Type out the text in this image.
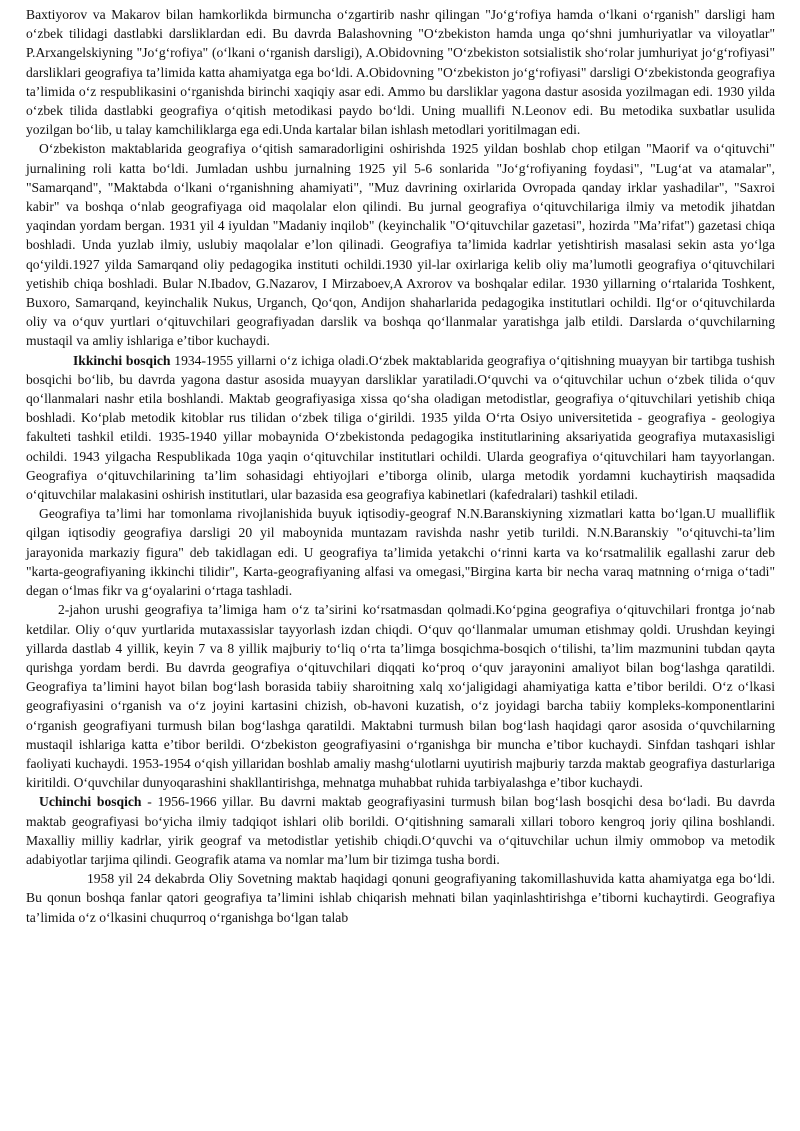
Baxtiyorov va Makarov bilan hamkorlikda birmuncha oʻzgartirib nashr qilingan "Joʻgʻrofiya hamda oʻlkani oʻrganish" darsligi ham oʻzbek tilidagi dastlabki darsliklardan edi. Bu davrda Balashovning "Oʻzbekiston hamda unga qoʻshni jumhuriyatlar va viloyatlar" P.Arxangelskiyning "Joʻgʻrofiya" (oʻlkani oʻrganish darsligi), A.Obidovning "Oʻzbekiston sotsialistik shoʻrolar jumhuriyat joʻgʻrofiyasi" darsliklari geografiya taʼlimida katta ahamiyatga ega boʻldi. A.Obidovning "Oʻzbekiston joʻgʻrofiyasi" darsligi Oʻzbekistonda geografiya taʼlimida oʻz respublikasini oʻrganishda birinchi xaqiqiy asar edi. Ammo bu darsliklar yagona dastur asosida yozilmagan edi. 1930 yilda oʻzbek tilida dastlabki geografiya oʻqitish metodikasi paydo boʻldi. Uning muallifi N.Leonov edi. Bu metodika suxbatlar usulida yozilgan boʻlib, u talay kamchiliklarga ega edi.Unda kartalar bilan ishlash metodlari yoritilmagan edi.

Oʻzbekiston maktablarida geografiya oʻqitish samaradorligini oshirishda 1925 yildan boshlab chop etilgan "Maorif va oʻqituvchi" jurnalining roli katta boʻldi. Jumladan ushbu jurnalning 1925 yil 5-6 sonlarida "Joʻgʻrofiyaning foydasi", "Lugʻat va atamalar", "Samarqand", "Maktabda oʻlkani oʻrganishning ahamiyati", "Muz davrining oxirlarida Ovropada qanday irklar yashadilar", "Saxroi kabir" va boshqa oʻnlab geografiyaga oid maqolalar elon qilindi. Bu jurnal geografiya oʻqituvchilariga ilmiy va metodik jihatdan yaqindan yordam bergan. 1931 yil 4 iyuldan "Madaniy inqilob" (keyinchalik "Oʻqituvchilar gazetasi", hozirda "Maʼrifat") gazetasi chiqa boshladi. Unda yuzlab ilmiy, uslubiy maqolalar eʼlon qilinadi. Geografiya taʼlimida kadrlar yetishtirish masalasi sekin asta yoʻlga qoʻyildi.1927 yilda Samarqand oliy pedagogika instituti ochildi.1930 yil-lar oxirlariga kelib oliy maʼlumotli geografiya oʻqituvchilari yetishib chiqa boshladi. Bular N.Ibadov, G.Nazarov, I Mirzaboev,A Axrorov va boshqalar edilar. 1930 yillarning oʻrtalarida Toshkent, Buxoro, Samarqand, keyinchalik Nukus, Urganch, Qoʻqon, Andijon shaharlarida pedagogika institutlari ochildi. Ilgʻor oʻqituvchilarda oliy va oʻquv yurtlari oʻqituvchilari geografiyadan darslik va boshqa qoʻllanmalar yaratishga jalb etildi. Darslarda oʻquvchilarning mustaqil va amliy ishlariga eʼtibor kuchaydi.

Ikkinchi bosqich 1934-1955 yillarni oʻz ichiga oladi.Oʻzbek maktablarida geografiya oʻqitishning muayyan bir tartibga tushish bosqichi boʻlib, bu davrda yagona dastur asosida muayyan darsliklar yaratiladi.Oʻquvchi va oʻqituvchilar uchun oʻzbek tilida oʻquv qoʻllanmalari nashr etila boshlandi. Maktab geografiyasiga xissa qoʻsha oladigan metodistlar, geografiya oʻqituvchilari yetishib chiqa boshladi. Koʻplab metodik kitoblar rus tilidan oʻzbek tiliga oʻgirildi. 1935 yilda Oʻrta Osiyo universitetida - geografiya - geologiya fakulteti tashkil etildi. 1935-1940 yillar mobaynida Oʻzbekistonda pedagogika institutlarining aksariyatida geografiya mutaxasisligi ochildi. 1943 yilgacha Respublikada 10ga yaqin oʻqituvchilar institutlari ochildi. Ularda geografiya oʻqituvchilari ham tayyorlangan. Geografiya oʻqituvchilarining taʼlim sohasidagi ehtiyojlari eʼtiborga olinib, ularga metodik yordamni kuchaytirish maqsadida oʻqituvchilar malakasini oshirish institutlari, ular bazasida esa geografiya kabinetlari (kafedralari) tashkil etiladi.

Geografiya taʼlimi har tomonlama rivojlanishida buyuk iqtisodiy-geograf N.N.Baranskiyning xizmatlari katta boʻlgan.U mualliflik qilgan iqtisodiy geografiya darsligi 20 yil maboynida muntazam ravishda nashr yetib turildi. N.N.Baranskiy "oʻqituvchi-taʼlim jarayonida markaziy figura" deb takidlagan edi. U geografiya taʼlimida yetakchi oʻrinni karta va koʻrsatmalilik egallashi zarur deb "karta-geografiyaning ikkinchi tilidir", Karta-geografiyaning alfasi va omegasi,"Birgina karta bir necha varaq matnning oʻrniga oʻtadi" degan oʻlmas fikr va gʻoyalarini oʻrtaga tashladi.

2-jahon urushi geografiya taʼlimiga ham oʻz taʼsirini koʻrsatmasdan qolmadi.Koʻpgina geografiya oʻqituvchilari frontga joʻnab ketdilar. Oliy oʻquv yurtlarida mutaxassislar tayyorlash izdan chiqdi. Oʻquv qoʻllanmalar umuman etishmay qoldi. Urushdan keyingi yillarda dastlab 4 yillik, keyin 7 va 8 yillik majburiy toʻliq oʻrta taʼlimga bosqichma-bosqich oʻtilishi, taʼlim mazmunini tubdan qayta qurishga yordam berdi. Bu davrda geografiya oʻqituvchilari diqqati koʻproq oʻquv jarayonini amaliyot bilan bogʻlashga qaratildi. Geografiya taʼlimini hayot bilan bogʻlash borasida tabiiy sharoitning xalq xoʻjaligidagi ahamiyatiga katta eʼtibor berildi. Oʻz oʻlkasi geografiyasini oʻrganish va oʻz joyini kartasini chizish, ob-havoni kuzatish, oʻz joyidagi barcha tabiiy kompleks-komponentlarini oʻrganish geografiyani turmush bilan bogʻlashga qaratildi. Maktabni turmush bilan bogʻlash haqidagi qaror asosida oʻquvchilarning mustaqil ishlariga katta eʼtibor berildi. Oʻzbekiston geografiyasini oʻrganishga bir muncha eʼtibor kuchaydi. Sinfdan tashqari ishlar faoliyati kuchaydi. 1953-1954 oʻqish yillaridan boshlab amaliy mashgʻulotlarni uyutirish majburiy tarzda maktab geografiya dasturlariga kiritildi. Oʻquvchilar dunyoqarashini shakllantirishga, mehnatga muhabbat ruhida tarbiyalashga eʼtibor kuchaydi.

Uchinchi bosqich - 1956-1966 yillar. Bu davrni maktab geografiyasini turmush bilan bogʻlash bosqichi desa boʻladi. Bu davrda maktab geografiyasi boʻyicha ilmiy tadqiqot ishlari olib borildi. Oʻqitishning samarali xillari toboro kengroq joriy qilina boshlandi. Maxalliy milliy kadrlar, yirik geograf va metodistlar yetishib chiqdi.Oʻquvchi va oʻqituvchilar uchun ilmiy ommobop va metodik adabiyotlar tarjima qilindi. Geografik atama va nomlar maʼlum bir tizimga tusha bordi.

1958 yil 24 dekabrda Oliy Sovetning maktab haqidagi qonuni geografiyaning takomillashuvida katta ahamiyatga ega boʻldi. Bu qonun boshqa fanlar qatori geografiya taʼlimini ishlab chiqarish mehnati bilan yaqinlashtirishga eʼtiborni kuchaytirdi. Geografiya taʼlimida oʻz oʻlkasini chuqurroq oʻrganishga boʻlgan talab
